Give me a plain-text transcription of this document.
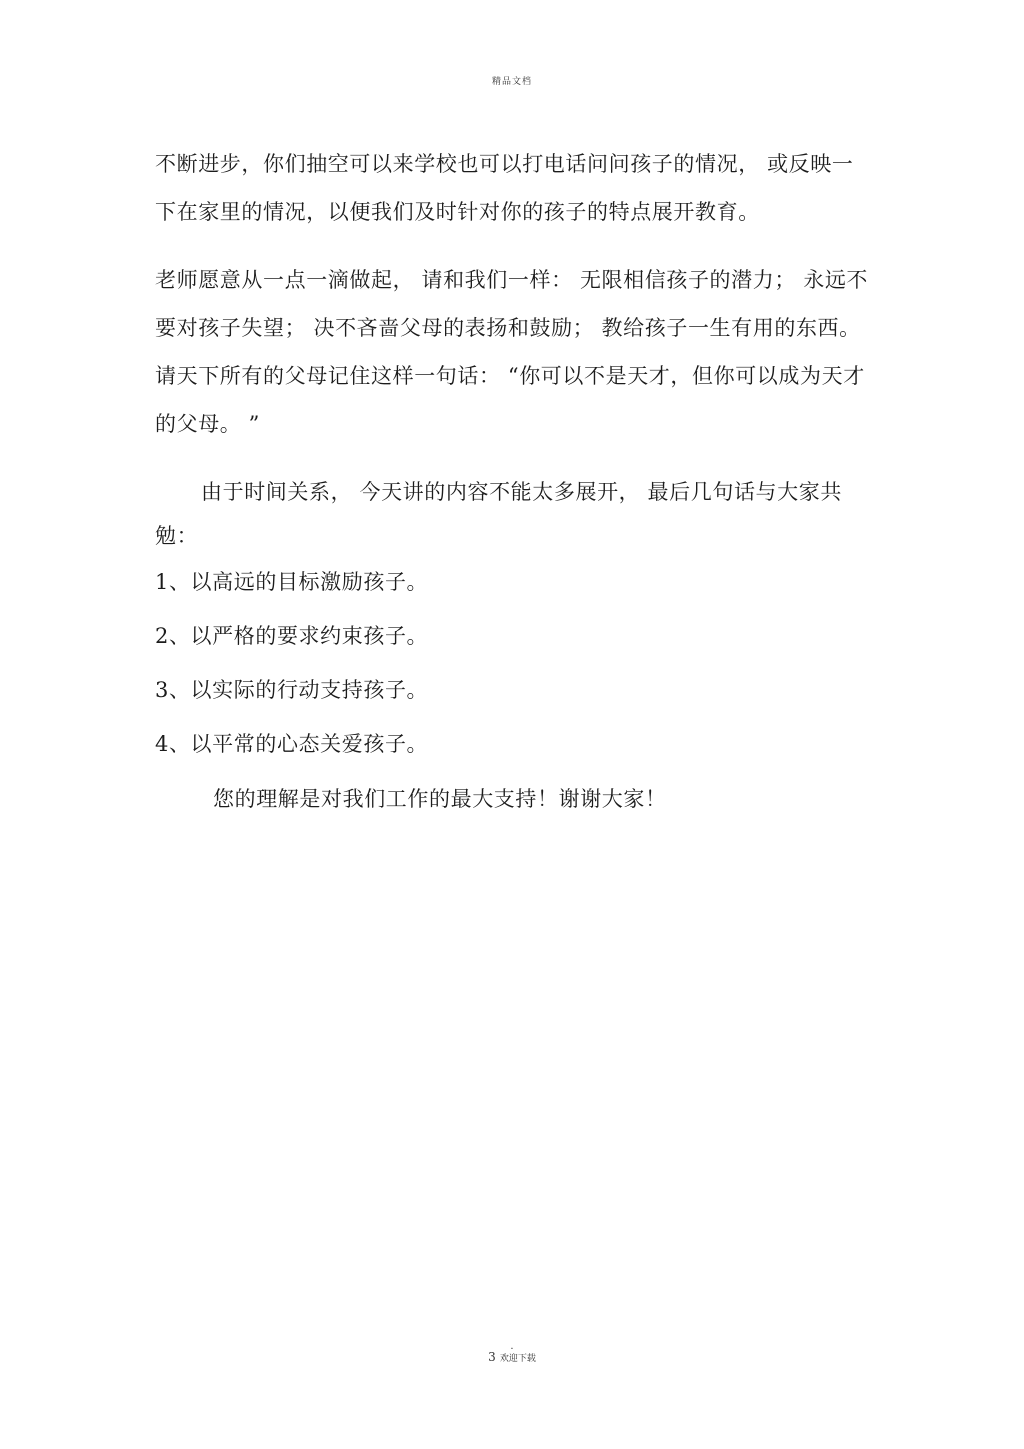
精品文档

不断进步，你们抽空可以来学校也可以打电话问问孩子的情况， 或反映一下在家里的情况，以便我们及时针对你的孩子的特点展开教育。

老师愿意从一点一滴做起， 请和我们一样： 无限相信孩子的潜力； 永远不要对孩子失望； 决不吝啬父母的表扬和鼓励； 教给孩子一生有用的东西。请天下所有的父母记住这样一句话： “你可以不是天才，但你可以成为天才的父母。 ”

由于时间关系， 今天讲的内容不能太多展开， 最后几句话与大家共勉：

1、以高远的目标激励孩子。

2、以严格的要求约束孩子。

3、以实际的行动支持孩子。

4、以平常的心态关爱孩子。

您的理解是对我们工作的最大支持！谢谢大家！

.
3 欢迎下载
